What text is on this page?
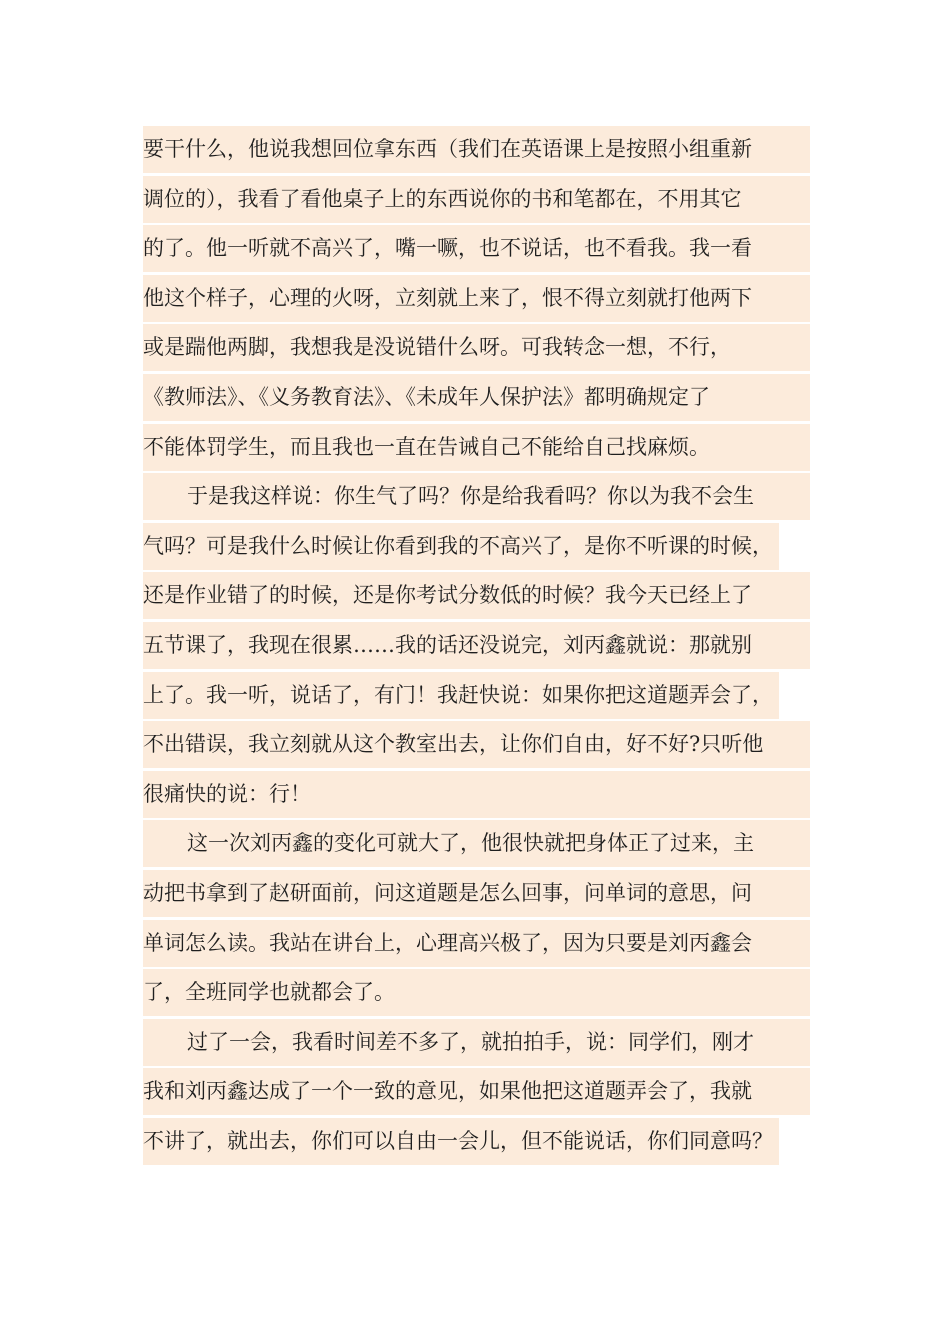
要干什么，他说我想回位拿东西（我们在英语课上是按照小组重新
调位的），我看了看他桌子上的东西说你的书和笔都在，不用其它
的了。他一听就不高兴了，嘴一噘，也不说话，也不看我。我一看
他这个样子，心理的火呀，立刻就上来了，恨不得立刻就打他两下
或是踹他两脚，我想我是没说错什么呀。可我转念一想，不行，
《教师法》、《义务教育法》、《未成年人保护法》都明确规定了
不能体罚学生，而且我也一直在告诫自己不能给自己找麻烦。
于是我这样说：你生气了吗？你是给我看吗？你以为我不会生
气吗？可是我什么时候让你看到我的不高兴了，是你不听课的时候，
还是作业错了的时候，还是你考试分数低的时候？我今天已经上了
五节课了，我现在很累……我的话还没说完，刘丙鑫就说：那就别
上了。我一听，说话了，有门！我赶快说：如果你把这道题弄会了，
不出错误，我立刻就从这个教室出去，让你们自由，好不好?只听他
很痛快的说：行！
这一次刘丙鑫的变化可就大了，他很快就把身体正了过来，主
动把书拿到了赵研面前，问这道题是怎么回事，问单词的意思，问
单词怎么读。我站在讲台上，心理高兴极了，因为只要是刘丙鑫会
了，全班同学也就都会了。
过了一会，我看时间差不多了，就拍拍手，说：同学们，刚才
我和刘丙鑫达成了一个一致的意见，如果他把这道题弄会了，我就
不讲了，就出去，你们可以自由一会儿，但不能说话，你们同意吗？
